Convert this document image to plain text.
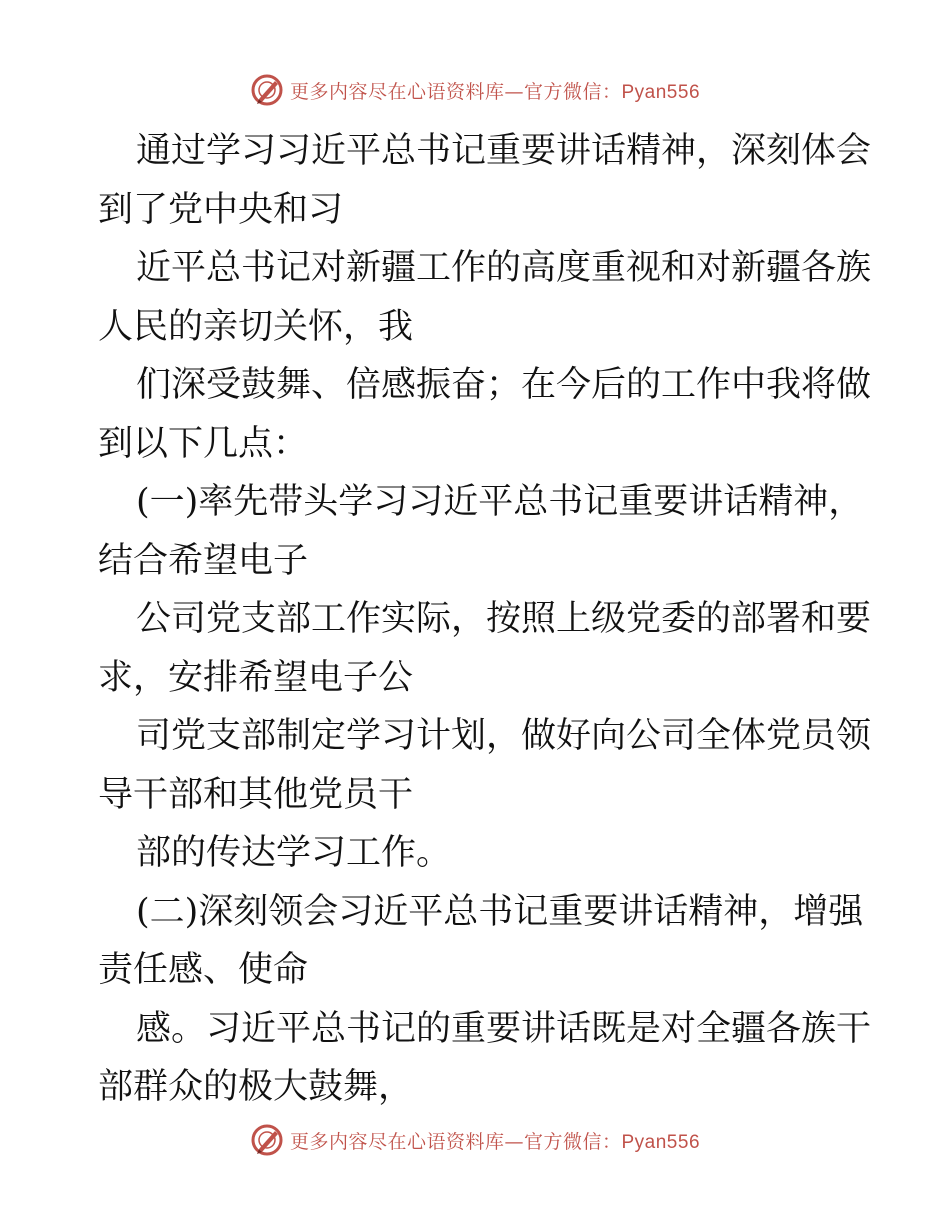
更多内容尽在心语资料库—官方微信：Pyan556
通过学习习近平总书记重要讲话精神，深刻体会
到了党中央和习
近平总书记对新疆工作的高度重视和对新疆各族
人民的亲切关怀，我
们深受鼓舞、倍感振奋；在今后的工作中我将做
到以下几点：
(一)率先带头学习习近平总书记重要讲话精神，
结合希望电子
公司党支部工作实际，按照上级党委的部署和要
求，安排希望电子公
司党支部制定学习计划，做好向公司全体党员领
导干部和其他党员干
部的传达学习工作。
(二)深刻领会习近平总书记重要讲话精神，增强
责任感、使命
感。习近平总书记的重要讲话既是对全疆各族干
部群众的极大鼓舞，
更多内容尽在心语资料库—官方微信：Pyan556
